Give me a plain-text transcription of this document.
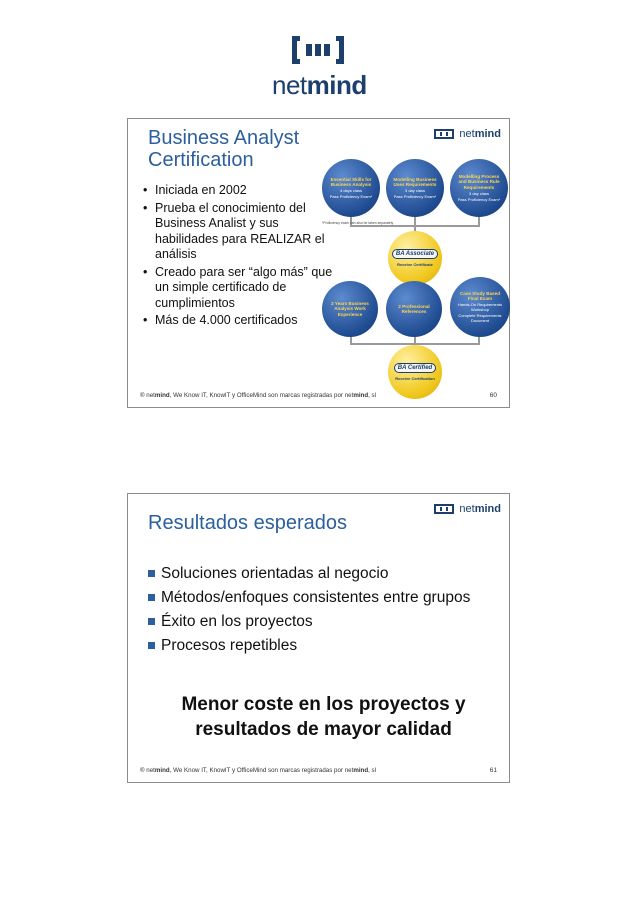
netmind
netmind
Business Analyst Certification
• Iniciada en 2002
• Prueba el conocimiento del Business Analist y sus habilidades para REALIZAR el análisis
• Creado para ser “algo más” que un simple certificado de cumplimientos
• Más de 4.000 certificados
Essential Skills for Business Analysis
4 days class
Pass Proficiency Exam*
Modelling Business Uses Requirements
3 day class
Pass Proficiency Exam*
Modelling Process and Business Rule Requirements
3 day class
Pass Proficiency Exam*
*Proficiency exam can also be taken separately
BA Associate
Receive Certificate
2 Years Business Analysis Work Experience
2 Professional References
Case Study Based Final Exam
Hands-On Requirements Workshop
Complete Requirements Document
BA Certified
Receive Certification
® netmind, We Know IT, KnowIT y OfficeMind son marcas registradas por netmind, sl	60
netmind
Resultados esperados
Soluciones orientadas al negocio
Métodos/enfoques consistentes entre grupos
Éxito en los proyectos
Procesos repetibles
Menor coste en los proyectos y
resultados de mayor calidad
® netmind, We Know IT, KnowIT y OfficeMind son marcas registradas por netmind, sl	61
